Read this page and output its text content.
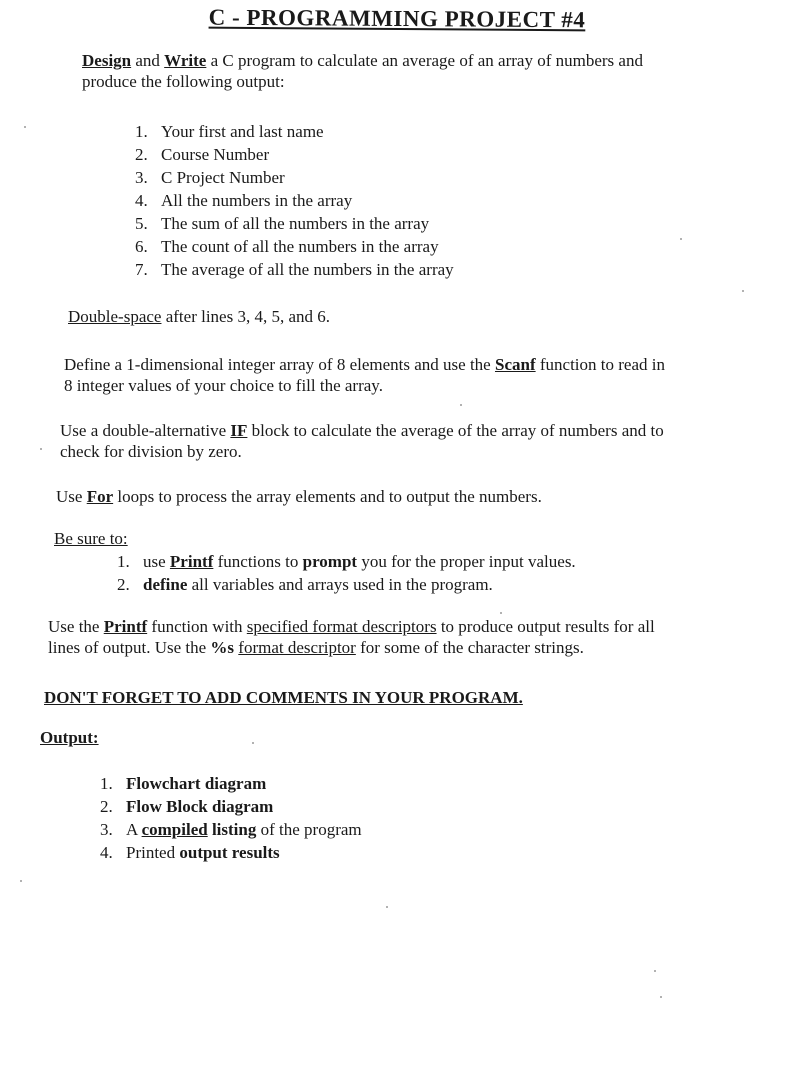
C - PROGRAMMING PROJECT #4

Design and Write a C program to calculate an average of an array of numbers and
produce the following output:

1. Your first and last name
2. Course Number
3. C Project Number
4. All the numbers in the array
5. The sum of all the numbers in the array
6. The count of all the numbers in the array
7. The average of all the numbers in the array

Double-space after lines 3, 4, 5, and 6.

Define a 1-dimensional integer array of 8 elements and use the Scanf function to read in
8 integer values of your choice to fill the array.

Use a double-alternative IF block to calculate the average of the array of numbers and to
check for division by zero.

Use For loops to process the array elements and to output the numbers.

Be sure to:
1. use Printf functions to prompt you for the proper input values.
2. define all variables and arrays used in the program.

Use the Printf function with specified format descriptors to produce output results for all
lines of output. Use the %s format descriptor for some of the character strings.

DON'T FORGET TO ADD COMMENTS IN YOUR PROGRAM.
Output:
1. Flowchart diagram
2. Flow Block diagram
3. A compiled listing of the program
4. Printed output results
